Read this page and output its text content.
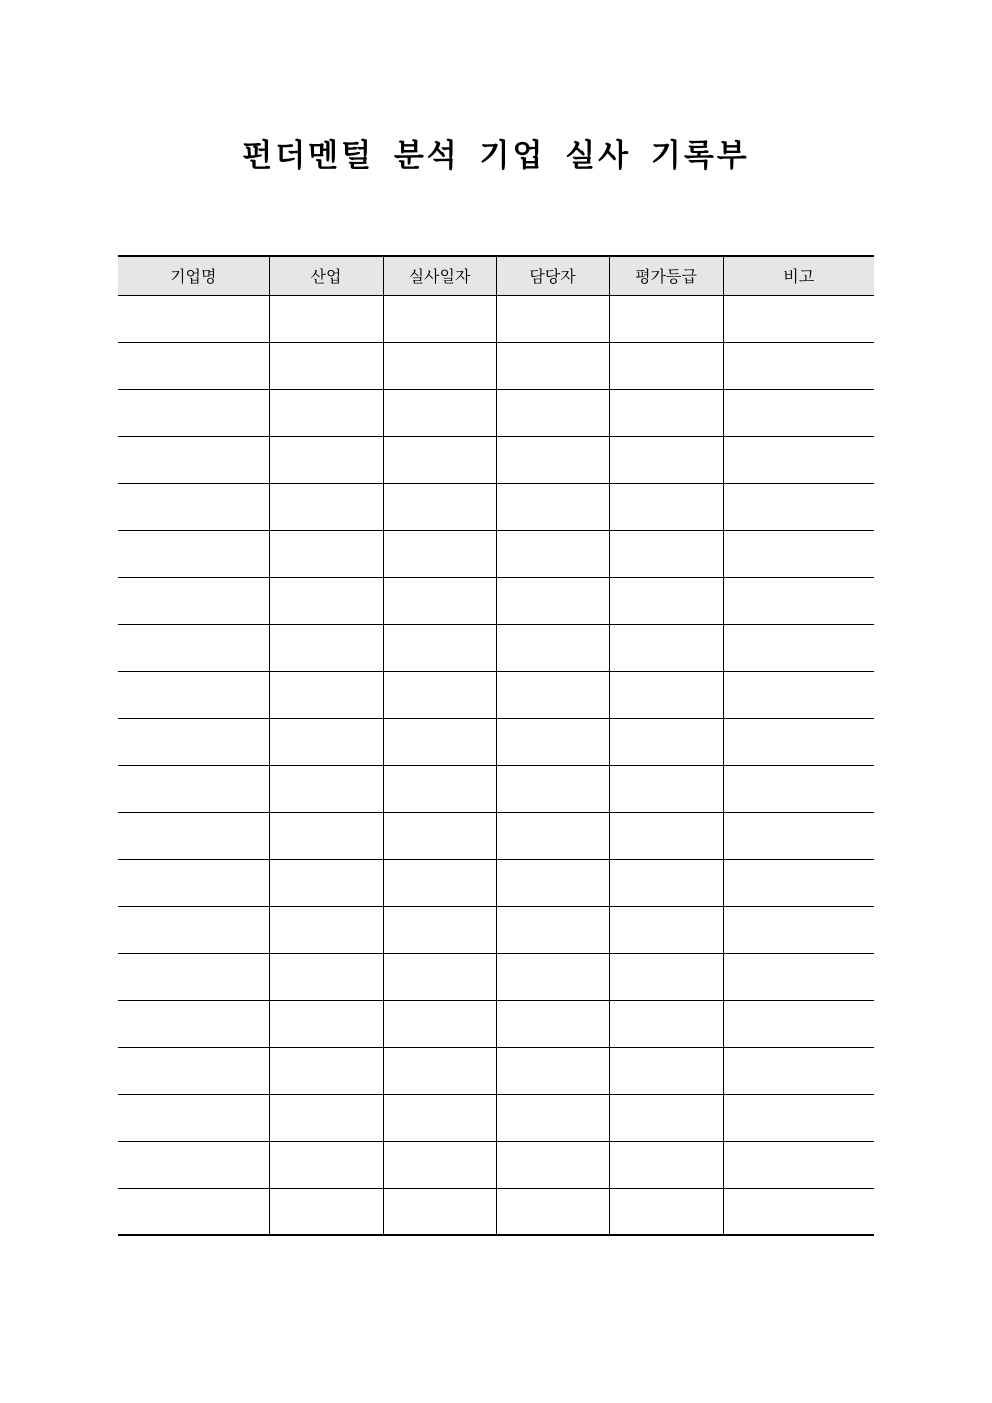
펀더멘털 분석 기업 실사 기록부
기업명	산업	실사일자	담당자	평가등급	비고
